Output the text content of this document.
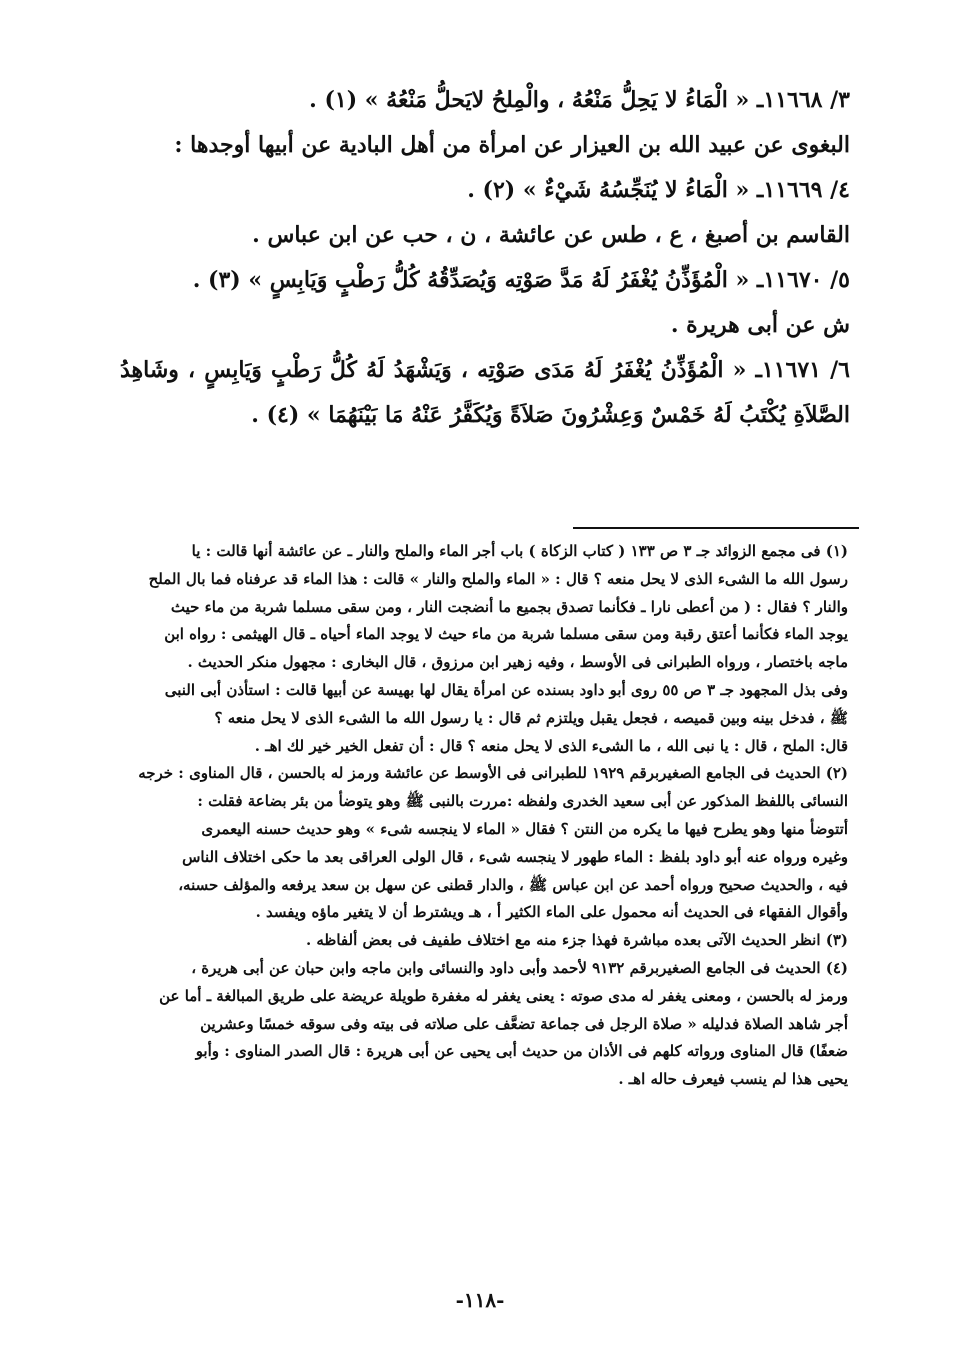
٣/ ١١٦٦٨ـ « الْمَاءُ لا يَحِلُّ مَنْعُهُ ، والْمِلحُ لايَحلُّ مَنْعُهُ » (١) .

البغوى عن عبيد الله بن العيزار عن امرأة من أهل البادية عن أبيها أوجدها :

٤/ ١١٦٦٩ـ « الْمَاءُ لا يُنَجِّسُهُ شَيْءٌ » (٢) .

القاسم بن أصبغ ، ع ، طس عن عائشة ، ن ، حب عن ابن عباس .

٥/ ١١٦٧٠ـ « الْمُؤَذِّنُ يُغْفَرُ لَهُ مَدَّ صَوْتِه وَيُصَدِّقُهُ كُلُّ رَطْبٍ وَيَابِسٍ » (٣) .

ش عن أبى هريرة .

٦/ ١١٦٧١ـ « الْمُؤَذِّنُ يُغْفَرُ لَهُ مَدَى صَوْتِه ، وَيَشْهَدُ لَهُ كُلُّ رَطْبٍ وَيَابِسٍ ، وشَاهِدُ الصَّلاَةِ يُكْتَبُ لَهُ خَمْسٌ وَعِشْرُونَ صَلاَةً وَيُكَفَّرُ عَنْهُ مَا بَيْنَهُمَا » (٤) .

(١) فى مجمع الزوائد جـ ٣ ص ١٣٣ ( كتاب الزكاة ) باب أجر الماء والملح والنار ـ عن عائشة أنها قالت : يا

رسول الله ما الشىء الذى لا يحل منعه ؟ قال : « الماء والملح والنار » قالت : هذا الماء قد عرفناه فما بال الملح

والنار ؟ فقال : ( من أعطى نارا ـ فكأنما تصدق بجميع ما أنضجت النار ، ومن سقى مسلما شربة من ماء حيث

يوجد الماء فكأنما أعتق رقبة ومن سقى مسلما شربة من ماء حيث لا يوجد الماء أحياه ـ قال الهيثمى : رواه ابن

ماجه باختصار ، ورواه الطبرانى فى الأوسط ، وفيه زهير ابن مرزوق ، قال البخارى : مجهول منكر الحديث .

وفى بذل المجهود جـ ٣ ص ٥٥ روى أبو داود بسنده عن امرأة يقال لها بهيسة عن أبيها قالت : استأذن أبى النبى

ﷺ ، فدخل بينه وبين قميصه ، فجعل يقبل ويلتزم ثم قال : يا رسول الله ما الشىء الذى لا يحل منعه ؟

قال: الملح ، قال : يا نبى الله ، ما الشىء الذى لا يحل منعه ؟ قال : أن تفعل الخير خير لك اهـ .

(٢) الحديث فى الجامع الصغيربرقم ١٩٢٩ للطبرانى فى الأوسط عن عائشة ورمز له بالحسن ، قال المناوى : خرجه

النسائى باللفظ المذكور عن أبى سعيد الخدرى ولفظه :مررت بالنبى ﷺ وهو يتوضأ من بئر بضاعة فقلت :

أتتوضأ منها وهو يطرح فيها ما يكره من النتن ؟ فقال « الماء لا ينجسه شىء » وهو حديث حسنه اليعمرى

وغيره ورواه عنه أبو داود بلفظ : الماء طهور لا ينجسه شىء ، قال الولى العراقى بعد ما حكى اختلاف الناس

فيه ، والحديث صحيح ورواه أحمد عن ابن عباس ﷺ ، والدار قطنى عن سهل بن سعد يرفعه والمؤلف حسنه،

وأقوال الفقهاء فى الحديث أنه محمول على الماء الكثير أ ، هـ ويشترط أن لا يتغير ماؤه ويفسد .

(٣) انظر الحديث الآتى بعده مباشرة فهذا جزء منه مع اختلاف طفيف فى بعض ألفاظه .

(٤) الحديث فى الجامع الصغيربرقم ٩١٣٢ لأحمد وأبى داود والنسائى وابن ماجه وابن حبان عن أبى هريرة ،

ورمز له بالحسن ، ومعنى يغفر له مدى صوته : يعنى يغفر له مغفرة طويلة عريضة على طريق المبالغة ـ أما عن

أجر شاهد الصلاة فدليله « صلاة الرجل فى جماعة تضعَّف على صلاته فى بيته وفى سوقه خمسًا وعشرين

ضعفًا) قال المناوى ورواته كلهم فى الأذان من حديث أبى يحيى عن أبى هريرة : قال الصدر المناوى : وأبو

يحيى هذا لم ينسب فيعرف حاله اهـ .

-١١٨-
